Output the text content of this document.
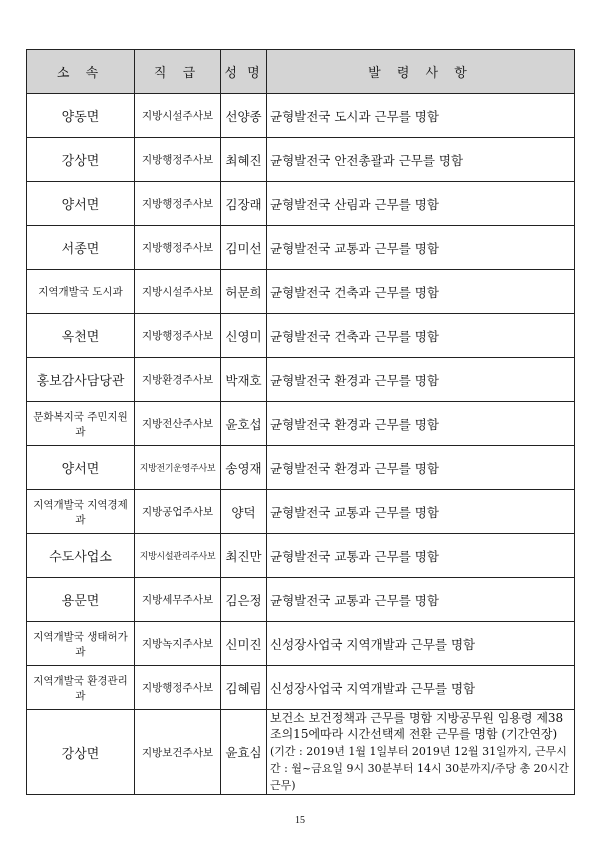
소 속	직 급	성 명	발 령 사 항
양동면	지방시설주사보	선양종	균형발전국 도시과 근무를 명함
강상면	지방행정주사보	최혜진	균형발전국 안전총괄과 근무를 명함
양서면	지방행정주사보	김장래	균형발전국 산림과 근무를 명함
서종면	지방행정주사보	김미선	균형발전국 교통과 근무를 명함
지역개발국 도시과	지방시설주사보	허문희	균형발전국 건축과 근무를 명함
옥천면	지방행정주사보	신영미	균형발전국 건축과 근무를 명함
홍보감사담당관	지방환경주사보	박재호	균형발전국 환경과 근무를 명함
문화복지국 주민지원과	지방전산주사보	윤호섭	균형발전국 환경과 근무를 명함
양서면	지방전기운영주사보	송영재	균형발전국 환경과 근무를 명함
지역개발국 지역경제과	지방공업주사보	양덕	균형발전국 교통과 근무를 명함
수도사업소	지방시설관리주사보	최진만	균형발전국 교통과 근무를 명함
용문면	지방세무주사보	김은정	균형발전국 교통과 근무를 명함
지역개발국 생태허가과	지방녹지주사보	신미진	신성장사업국 지역개발과 근무를 명함
지역개발국 환경관리과	지방행정주사보	김혜림	신성장사업국 지역개발과 근무를 명함
강상면	지방보건주사보	윤효심	보건소 보건정책과 근무를 명함 지방공무원 임용령 제38조의15에따라 시간선택제 전환 근무를 명함 (기간연장) (기간 : 2019년 1월 1일부터 2019년 12월 31일까지, 근무시간 : 월~금요일 9시 30분부터 14시 30분까지/주당 총 20시간 근무)
15
